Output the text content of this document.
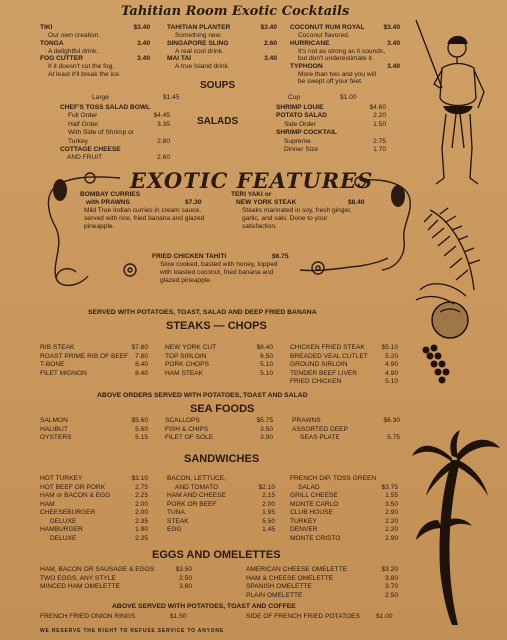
Tahitian Room Exotic Cocktails
TIKI	$3.40
Our own creation.
TONGA	3.40
A delightful drink.
FOG CUTTER	3.40
If it doesn't cut the fog,
At least it'll break the ice.
TAHITIAN PLANTER	$3.40
Something new.
SINGAPORE SLING	2.60
A real cool drink.
MAI TAI	3.40
A true Island drink.
COCONUT RUM ROYAL	$3.40
Coconut flavored.
HURRICANE	3.40
It's not as strong as it sounds,
but don't underestimate it.
TYPHOON	3.40
More than two and you will
be swept off your feet.
SOUPS
Large	$1.45	Cup	$1.00
SALADS
CHEF'S TOSS SALAD BOWL
Full Order	$4.45
Half Order	3.35
With Side of Shrimp or
Turkey	2.80
COTTAGE CHEESE
AND FRUIT	2.60
SHRIMP LOUIE	$4.60
POTATO SALAD	2.20
Side Order	1.50
SHRIMP COCKTAIL
Supreme	2.75
Dinner Size	1.70
EXOTIC FEATURES
BOMBAY CURRIES
with PRAWNS	$7.30
Mild True Indian curries in cream sauce,
served with rice, fried banana and glazed
pineapple.
TERI YAKI or
NEW YORK STEAK	$8.40
Steaks marinated in soy, fresh ginger,
garlic, and saki. Done to your
satisfaction.
FRIED CHICKEN TAHITI	$6.75
Slow cooked, basted with honey, topped
with toasted coconut, fried banana and
glazed pineapple.
SERVED WITH POTATOES, TOAST, SALAD AND DEEP FRIED BANANA
STEAKS — CHOPS
RIB STEAK	$7.80
ROAST PRIME RIB OF BEEF 7.80
T-BONE	8.40
FILET MIGNON	8.40
NEW YORK CUT	$8.40
TOP SIRLOIN	6.50
PORK CHOPS	5.10
HAM STEAK	5.10
CHICKEN FRIED STEAK	$5.10
BREADED VEAL CUTLET	5.20
GROUND SIRLOIN	4.90
TENDER BEEF LIVER	4.90
FRIED CHICKEN	5.10
ABOVE ORDERS SERVED WITH POTATOES, TOAST AND SALAD
SEA FOODS
SALMON	$5.60
HALIBUT	5.60
OYSTERS	5.15
SCALLOPS	$5.75
FISH & CHIPS	3.50
FILET OF SOLE	3.90
PRAWNS	$6.30
ASSORTED DEEP
SEAS PLATE	5.75
SANDWICHES
HOT TURKEY	$3.10
HOT BEEF OR PORK	2.75
HAM or BACON & EGG	2.25
HAM	2.00
CHEESEBURGER	2.00
DELUXE	2.35
HAMBURGER	1.90
DELUXE	2.25
BACON, LETTUCE,
AND TOMATO	$2.10
HAM AND CHEESE	2.15
PORK OR BEEF	2.00
TUNA	1.95
STEAK	5.50
EGG	1.45
FRENCH DIP, TOSS GREEN
SALAD	$3.75
GRILL CHEESE	1.55
MONTE CARLO	3.50
CLUB HOUSE	2.90
TURKEY	2.20
DENVER	2.20
MONTE CRISTO	2.90
EGGS AND OMELETTES
HAM, BACON OR SAUSAGE & EGGS	$3.50
TWO EGGS, ANY STYLE	2.50
MINCED HAM OMELETTE	3.60
AMERICAN CHEESE OMELETTE	$3.20
HAM & CHEESE OMELETTE	3.80
SPANISH OMELETTE	3.70
PLAIN OMELETTE	2.50
ABOVE SERVED WITH POTATOES, TOAST AND COFFEE
FRENCH FRIED ONION RINGS	$1.50	SIDE OF FRENCH FRIED POTATOES $1.00
WE RESERVE THE RIGHT TO REFUSE SERVICE TO ANYONE
